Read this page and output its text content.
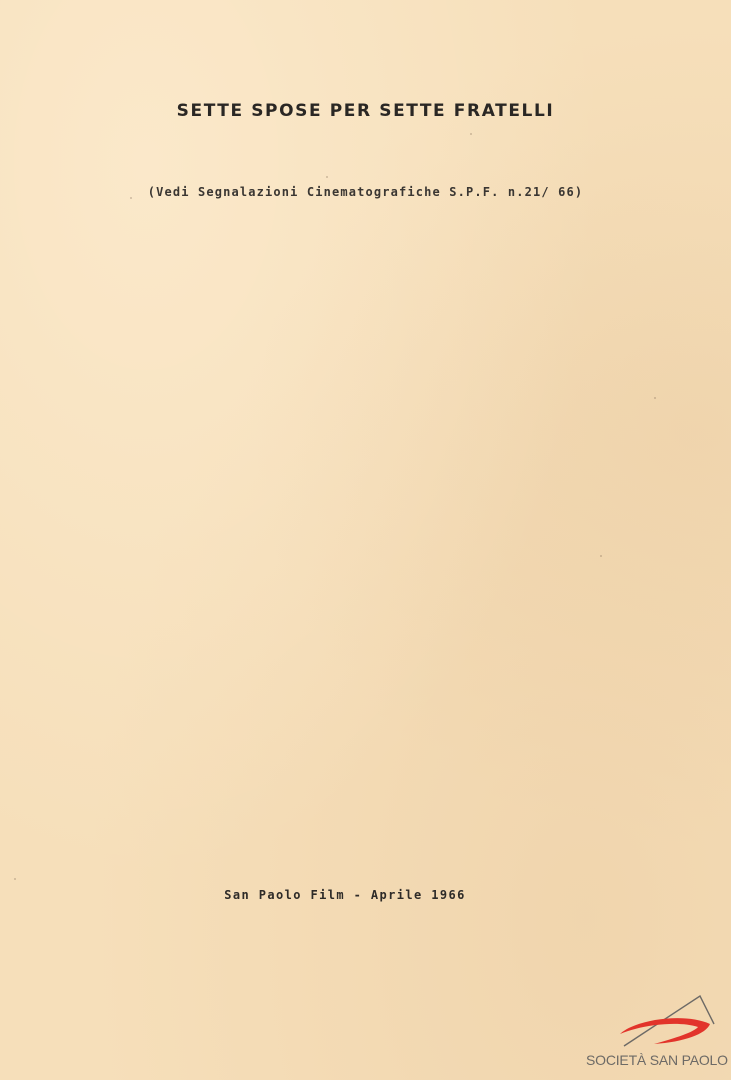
SETTE SPOSE PER SETTE FRATELLI
(Vedi Segnalazioni Cinematografiche S.P.F. n.21/ 66)
San Paolo Film - Aprile 1966
SOCIETÀ SAN PAOLO
